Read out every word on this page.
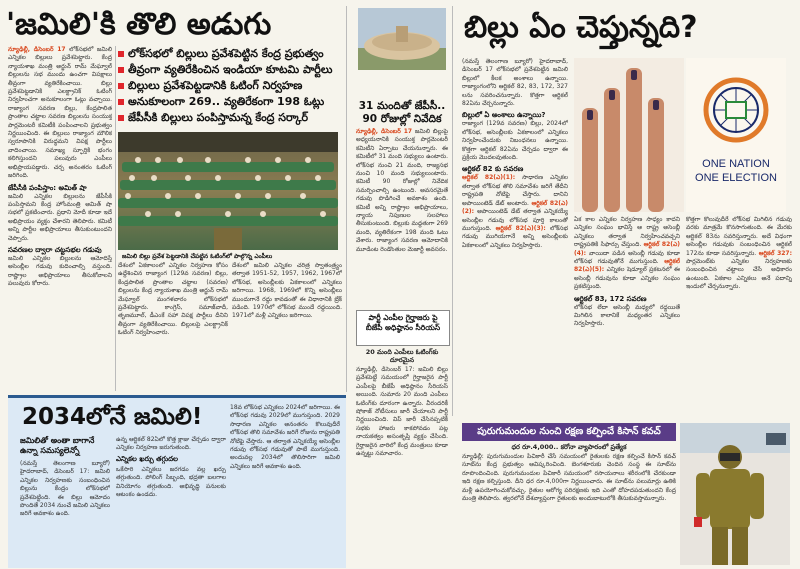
'జమిలి'కి తొలి అడుగు
న్యూఢిల్లీ, డిసెంబర్ 17 లోక్‌సభలో జమిలి ఎన్నికల బిల్లులు ప్రవేశపెట్టారు. కేంద్ర న్యాయశాఖ మంత్రి అర్జున్ రామ్ మేఘ్వాల్ బిల్లులను సభ ముందు ఉంచగా విపక్షాలు తీవ్రంగా వ్యతిరేకించాయి. బిల్లు ప్రవేశపెట్టడానికి ఎలక్ట్రానిక్ ఓటింగ్ నిర్వహించగా అనుకూలంగా ఓట్లు వచ్చాయి. రాజ్యాంగ సవరణ బిల్లు, కేంద్రపాలిత ప్రాంతాల చట్టాల సవరణ బిల్లులను సంయుక్త పార్లమెంటరీ కమిటీకి పంపించాలని ప్రభుత్వం నిర్ణయించింది. ఈ బిల్లులు రాజ్యాంగ మౌలిక స్వరూపానికి విరుద్ధమని విపక్ష పార్టీలు వాదించాయి. సమాఖ్య స్ఫూర్తికి భంగం కలిగిస్తుందని పలువురు ఎంపీలు అభిప్రాయపడ్డారు. చర్చ అనంతరం ఓటింగ్ జరిగింది.
జేపీసీకి పంపిస్తాం: అమిత్ షా
జమిలి ఎన్నికల బిల్లులను జేపీసీకి పంపిస్తామని కేంద్ర హోంమంత్రి అమిత్ షా సభలో ప్రకటించారు. ప్రధాని మోదీ కూడా ఇదే అభిప్రాయం వ్యక్తం చేశారని తెలిపారు. కమిటీ అన్ని పార్టీల అభిప్రాయాలు తీసుకుంటుందని చెప్పారు.
సవరణల ద్వారా చట్టసభల గడువు
జమిలి ఎన్నికల బిల్లులను ఆమోదిస్తే అసెంబ్లీల గడువు కుదించాల్సి వస్తుంది. రాష్ట్రాల అభిప్రాయాలు తీసుకోవాలని పలువురు కోరారు.
లోక్‌సభలో బిల్లులు ప్రవేశపెట్టిన కేంద్ర ప్రభుత్వం
తీవ్రంగా వ్యతిరేకించిన ఇండియా కూటమి పార్టీలు
బిల్లులు ప్రవేశపెట్టడానికి ఓటింగ్ నిర్వహణ
అనుకూలంగా 269.. వ్యతిరేకంగా 198 ఓట్లు
జేపీసీకి బిల్లులు పంపిస్తామన్న కేంద్ర సర్కార్
జమిలి బిల్లు ప్రవేశ పెట్టడానికి చేపట్టిన ఓటింగ్‌లో పాల్గొన్న ఎంపీలు
దేశంలో ఏకకాలంలో ఎన్నికల నిర్వహణ కోసం ఉద్దేశించిన రాజ్యాంగ (129వ సవరణ) బిల్లు, కేంద్రపాలిత ప్రాంతాల చట్టాల (సవరణ) బిల్లులను కేంద్ర న్యాయశాఖ మంత్రి అర్జున్ రామ్ మేఘ్వాల్ మంగళవారం లోక్‌సభలో ప్రవేశపెట్టారు. కాంగ్రెస్, సమాజ్‌వాదీ, తృణమూల్, డీఎంకే సహా విపక్ష పార్టీలు దీనిని తీవ్రంగా వ్యతిరేకించాయి. బిల్లులపై ఎలక్ట్రానిక్ ఓటింగ్ నిర్వహించారు.
దేశంలో జమిలి ఎన్నికల చరిత్ర స్వాతంత్ర్యం తర్వాత 1951-52, 1957, 1962, 1967లో లోక్‌సభ, అసెంబ్లీలకు ఏకకాలంలో ఎన్నికలు జరిగాయి. 1968, 1969లో కొన్ని అసెంబ్లీలు ముందుగానే రద్దు కావడంతో ఈ విధానానికి బ్రేక్ పడింది. 1970లో లోక్‌సభ ముందే రద్దయింది. 1971లో మళ్లీ ఎన్నికలు జరిగాయి.
2034లోనే జమిలి!
జమిలితో అంతా బాగానే ఉన్నా సమస్యలెన్నో
(నమస్తే తెలంగాణ బ్యూరో) హైదరాబాద్, డిసెంబర్ 17: జమిలి ఎన్నికల నిర్వహణకు సంబంధించిన బిల్లును కేంద్రం లోక్‌సభలో ప్రవేశపెట్టింది. ఈ బిల్లు ఆమోదం పొందితే 2034 నుంచే జమిలి ఎన్నికలు జరిగే అవకాశం ఉంది.
ఉన్న ఆర్టికల్ 82ఏలో కొత్త క్లాజు చేర్చడం ద్వారా ఎన్నికల నిర్వహణ జరుగుతుంది.
ఎన్నికల ఖర్చు తగ్గుదల
ఒకేసారి ఎన్నికలు జరగడం వల్ల ఖర్చు తగ్గుతుంది. పోలింగ్ సిబ్బంది, భద్రతా బలగాల వినియోగం తగ్గుతుంది. అభివృద్ధి పనులకు ఆటంకం ఉండదు.
18వ లోక్‌సభ ఎన్నికలు 2024లో జరిగాయి. ఈ లోక్‌సభ గడువు 2029లో ముగుస్తుంది. 2029 సాధారణ ఎన్నికల అనంతరం కొలువుదీరే లోక్‌సభ తొలి సమావేశం జరిగే రోజును రాష్ట్రపతి నోటిఫై చేస్తారు. ఆ తర్వాత ఎన్నికయ్యే అసెంబ్లీల గడువు లోక్‌సభ గడువుతో పాటే ముగుస్తుంది. అందువల్ల 2034లో తొలిసారిగా జమిలి ఎన్నికలు జరిగే అవకాశం ఉంది.
31 మందితో జేపీసీ.. 90 రోజుల్లో నివేదిక
న్యూఢిల్లీ, డిసెంబర్ 17 జమిలి బిల్లుపై అధ్యయనానికి సంయుక్త పార్లమెంటరీ కమిటీని ఏర్పాటు చేయనున్నారు. ఈ కమిటీలో 31 మంది సభ్యులు ఉంటారు. లోక్‌సభ నుంచి 21 మంది, రాజ్యసభ నుంచి 10 మంది సభ్యులుంటారు. కమిటీ 90 రోజుల్లో నివేదిక సమర్పించాల్సి ఉంటుంది. అవసరమైతే గడువు పొడిగించే అవకాశం ఉంది. కమిటీ అన్ని రాష్ట్రాల అభిప్రాయాలు, న్యాయ నిపుణుల సలహాలు తీసుకుంటుంది. బిల్లుకు మద్దతుగా 269 మంది, వ్యతిరేకంగా 198 మంది ఓటు వేశారు. రాజ్యాంగ సవరణ ఆమోదానికి మూడింట రెండొంతుల మెజార్టీ అవసరం.
పార్టీ ఎంపీల గైర్హాజరు పై బీజేపీ అధిష్ఠానం సీరియస్
20 మంది ఎంపీలు ఓటింగ్‌కు దూరమైన
న్యూఢిల్లీ, డిసెంబర్ 17: జమిలి బిల్లు ప్రవేశపెట్టే సమయంలో గైర్హాజరైన పార్టీ ఎంపీలపై బీజేపీ అధిష్ఠానం సీరియస్ అయింది. సుమారు 20 మంది ఎంపీలు ఓటింగ్‌కు దూరంగా ఉన్నారు. వీరందరికీ షోకాజ్ నోటీసులు జారీ చేయాలని పార్టీ నిర్ణయించింది. విప్ జారీ చేసినప్పటికీ సభకు హాజరు కాకపోవడం పట్ల నాయకత్వం అసంతృప్తి వ్యక్తం చేసింది. గైర్హాజరైన వారిలో కేంద్ర మంత్రులు కూడా ఉన్నట్టు సమాచారం.
బిల్లు ఏం చెప్తున్నది?
(నమస్తే తెలంగాణ బ్యూరో) హైదరాబాద్, డిసెంబర్ 17 లోక్‌సభలో ప్రవేశపెట్టిన జమిలి బిల్లులో కీలక అంశాలు ఉన్నాయి. రాజ్యాంగంలోని ఆర్టికల్ 82, 83, 172, 327 లను సవరించనున్నారు. కొత్తగా ఆర్టికల్ 82ఏను చేర్చనున్నారు.
బిల్లులో ఏ అంశాలు ఉన్నాయి?
రాజ్యాంగ (129వ సవరణ) బిల్లు, 2024లో లోక్‌సభ, అసెంబ్లీలకు ఏకకాలంలో ఎన్నికలు నిర్వహించేందుకు నిబంధనలు ఉన్నాయి. కొత్తగా ఆర్టికల్ 82ఏను చేర్చడం ద్వారా ఈ ప్రక్రియ మొదలవుతుంది.
ఆర్టికల్ 82 కు సవరణ
ఆర్టికల్ 82(ఎ)(1): సాధారణ ఎన్నికల తర్వాత లోక్‌సభ తొలి సమావేశం జరిగే తేదీని రాష్ట్రపతి నోటిఫై చేస్తారు. దానిని అపాయింటెడ్ డేట్ అంటారు. ఆర్టికల్ 82(ఎ)(2): అపాయింటెడ్ డేట్ తర్వాత ఎన్నికయ్యే అసెంబ్లీల గడువు లోక్‌సభ పూర్తి కాలంతో ముగుస్తుంది. ఆర్టికల్ 82(ఎ)(3): లోక్‌సభ గడువు ముగియగానే అన్ని అసెంబ్లీలకు ఏకకాలంలో ఎన్నికలు నిర్వహిస్తారు.
ఏక కాల ఎన్నికల నిర్వహణ సాధ్యం కాదని ఎన్నికల సంఘం భావిస్తే ఆ రాష్ట్ర అసెంబ్లీ ఎన్నికలు తర్వాత నిర్వహించవచ్చని రాష్ట్రపతికి సిఫార్సు చేస్తుంది. ఆర్టికల్ 82(ఎ)(4): వాయిదా పడిన అసెంబ్లీ గడువు కూడా లోక్‌సభ గడువుతోనే ముగుస్తుంది. ఆర్టికల్ 82(ఎ)(5): ఎన్నికల షెడ్యూల్ ప్రకటనలో ఈ అసెంబ్లీ గడువును కూడా ఎన్నికల సంఘం ప్రకటిస్తుంది.
ఆర్టికల్ 83, 172 సవరణ
లోక్‌సభ లేదా అసెంబ్లీ మధ్యలో రద్దయితే మిగిలిన కాలానికే మధ్యంతర ఎన్నికలు నిర్వహిస్తారు.
ONE NATION
ONE ELECTION
కొత్తగా కొలువుదీరే లోక్‌సభ మిగిలిన గడువు వరకు మాత్రమే కొనసాగుతుంది. ఈ మేరకు ఆర్టికల్ 83ను సవరిస్తున్నారు. అదే విధంగా అసెంబ్లీల గడువుకు సంబంధించిన ఆర్టికల్ 172ను కూడా సవరిస్తున్నారు. ఆర్టికల్ 327: పార్లమెంట్‌కు ఎన్నికల నిర్వహణకు సంబంధించిన చట్టాలు చేసే అధికారం ఉంటుంది. ఏకకాల ఎన్నికలు అనే పదాన్ని ఇందులో చేర్చనున్నారు.
పురుగుమందుల నుంచి రక్షణ కల్పించే కిసాన్ కవచ్
ధర రూ.4,000.. కరోనా వ్యాపారంలో ప్రత్యేక
న్యూఢిల్లీ: పురుగుమందుల పిచికారీ చేసే సమయంలో రైతులకు రక్షణ కల్పించే కిసాన్ కవచ్ సూట్‌ను కేంద్ర ప్రభుత్వం ఆవిష్కరించింది. బెంగళూరుకు చెందిన సంస్థ ఈ సూట్‌ను రూపొందించింది. పురుగుమందుల పిచికారీ సమయంలో రసాయనాలు శరీరంలోకి చేరకుండా ఇది రక్షణ కల్పిస్తుంది. దీని ధర రూ.4,000గా నిర్ణయించారు. ఈ సూట్‌ను పలుమార్లు ఉతికి మళ్లీ ఉపయోగించుకోవచ్చు. రైతుల ఆరోగ్య పరిరక్షణకు ఇది ఎంతో దోహదపడుతుందని కేంద్ర మంత్రి తెలిపారు. త్వరలోనే దేశవ్యాప్తంగా రైతులకు అందుబాటులోకి తీసుకువస్తామన్నారు.
